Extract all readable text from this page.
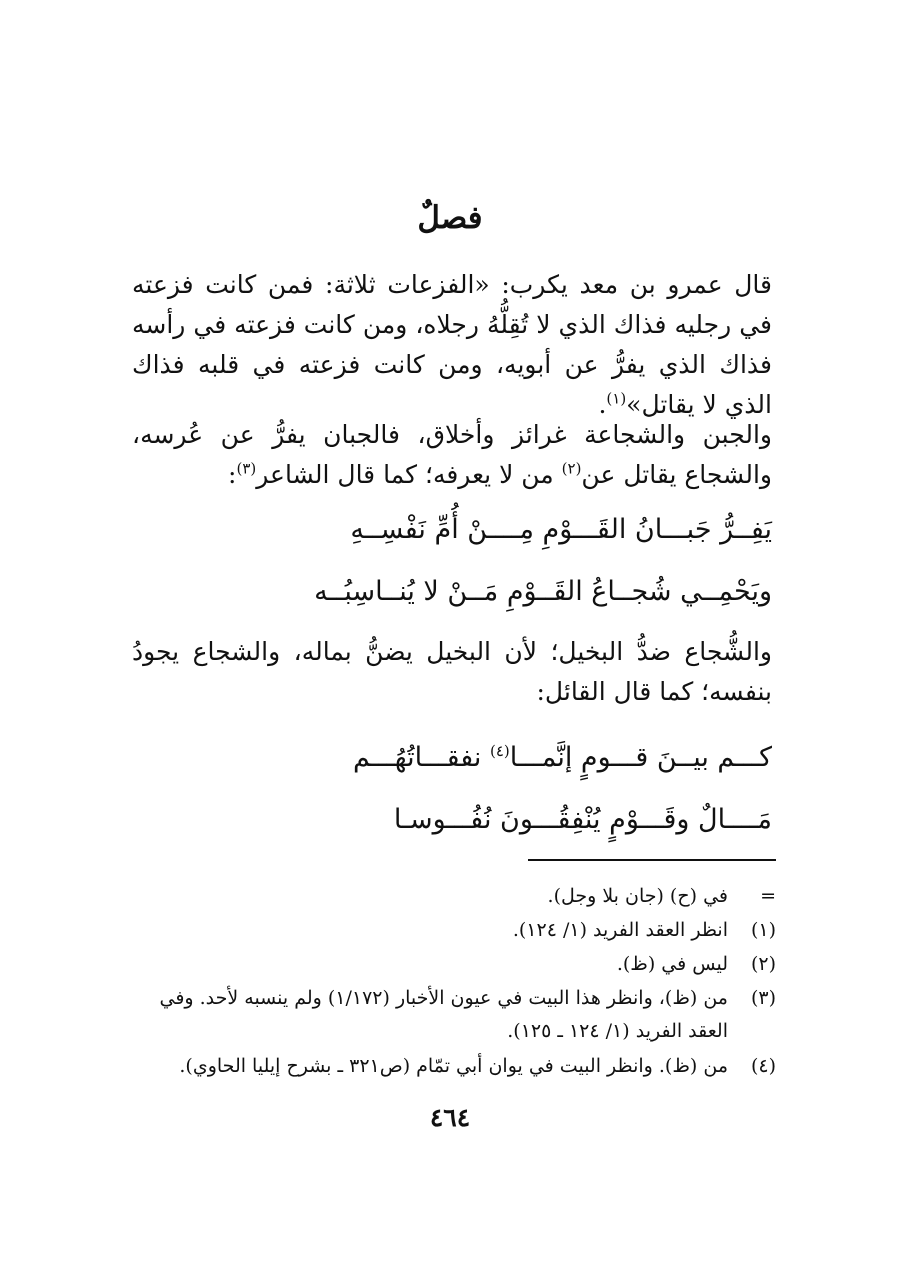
فصلٌ
قال عمرو بن معد يكرب: «الفزعات ثلاثة: فمن كانت فزعته في رجليه فذاك الذي لا تُقِلُّهُ رجلاه، ومن كانت فزعته في رأسه فذاك الذي يفرُّ عن أبويه، ومن كانت فزعته في قلبه فذاك الذي لا يقاتل»$^{(١)}$.
والجبن والشجاعة غرائز وأخلاق، فالجبان يفرُّ عن عُرسه، والشجاع يقاتل عن$^{(٢)}$ من لا يعرفه؛ كما قال الشاعر$^{(٣)}$:
يَفِــرُّ جَبـــانُ القَـــوْمِ مِــــنْ أُمِّ نَفْسِــهِ
ويَحْمِــي شُجــاعُ القَــوْمِ مَــنْ لا يُنــاسِبُــه
والشُّجاع ضدُّ البخيل؛ لأن البخيل يضنُّ بماله، والشجاع يجودُ بنفسه؛ كما قال القائل:
كـــم بيــنَ قـــومٍ إنَّمـــا$^{(٤)}$ نفقـــاتُهُـــم
مَــــالٌ وقَـــوْمٍ يُنْفِقُـــونَ نُفُـــوسـا
=
في (ح) (جان بلا وجل).
(١)
انظر العقد الفريد (١/ ١٢٤).
(٢)
ليس في (ظ).
(٣)
من (ظ)، وانظر هذا البيت في عيون الأخبار (١/١٧٢) ولم ينسبه لأحد. وفي العقد الفريد (١/ ١٢٤ ـ ١٢٥).
(٤)
من (ظ). وانظر البيت في يوان أبي تمّام (ص٣٢١ ـ بشرح إيليا الحاوي).
٤٦٤
